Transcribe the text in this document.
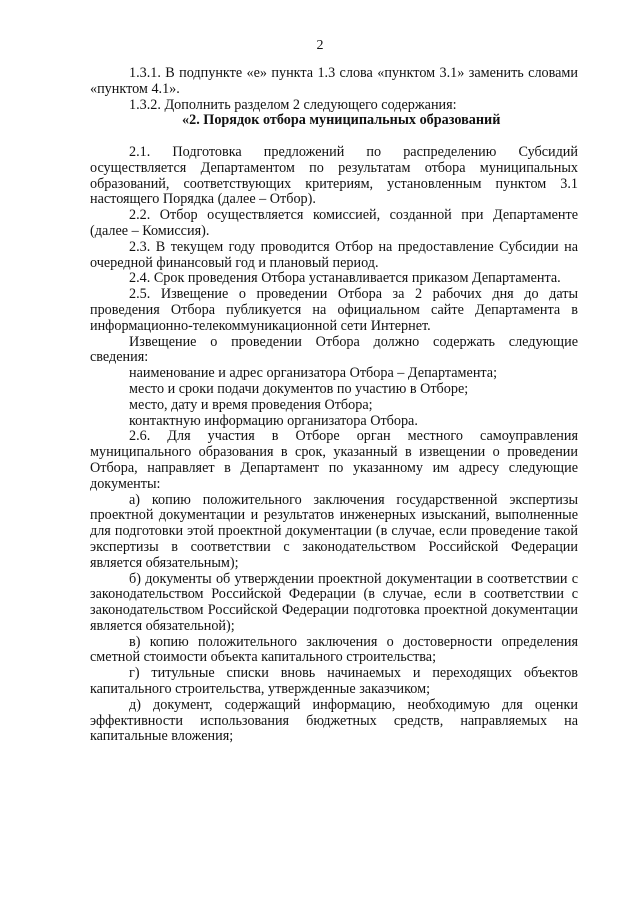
2

1.3.1. В подпункте «е» пункта 1.3 слова «пунктом 3.1» заменить словами «пунктом 4.1».

1.3.2. Дополнить разделом 2 следующего содержания:

«2. Порядок отбора муниципальных образований

2.1. Подготовка предложений по распределению Субсидий осуществляется Департаментом по результатам отбора муниципальных образований, соответствующих критериям, установленным пунктом 3.1 настоящего Порядка (далее – Отбор).

2.2. Отбор осуществляется комиссией, созданной при Департаменте (далее – Комиссия).

2.3. В текущем году проводится Отбор на предоставление Субсидии на очередной финансовый год и плановый период.

2.4. Срок проведения Отбора устанавливается приказом Департамента.

2.5. Извещение о проведении Отбора за 2 рабочих дня до даты проведения Отбора публикуется на официальном сайте Департамента в информационно-телекоммуникационной сети Интернет.

Извещение о проведении Отбора должно содержать следующие сведения:

наименование и адрес организатора Отбора – Департамента;

место и сроки подачи документов по участию в Отборе;

место, дату и время проведения Отбора;

контактную информацию организатора Отбора.

2.6. Для участия в Отборе орган местного самоуправления муниципального образования в срок, указанный в извещении о проведении Отбора, направляет в Департамент по указанному им адресу следующие документы:

а) копию положительного заключения государственной экспертизы проектной документации и результатов инженерных изысканий, выполненные для подготовки этой проектной документации (в случае, если проведение такой экспертизы в соответствии с законодательством Российской Федерации является обязательным);

б) документы об утверждении проектной документации в соответствии с законодательством Российской Федерации (в случае, если в соответствии с законодательством Российской Федерации подготовка проектной документации является обязательной);

в) копию положительного заключения о достоверности определения сметной стоимости объекта капитального строительства;

г) титульные списки вновь начинаемых и переходящих объектов капитального строительства, утвержденные заказчиком;

д) документ, содержащий информацию, необходимую для оценки эффективности использования бюджетных средств, направляемых на капитальные вложения;
